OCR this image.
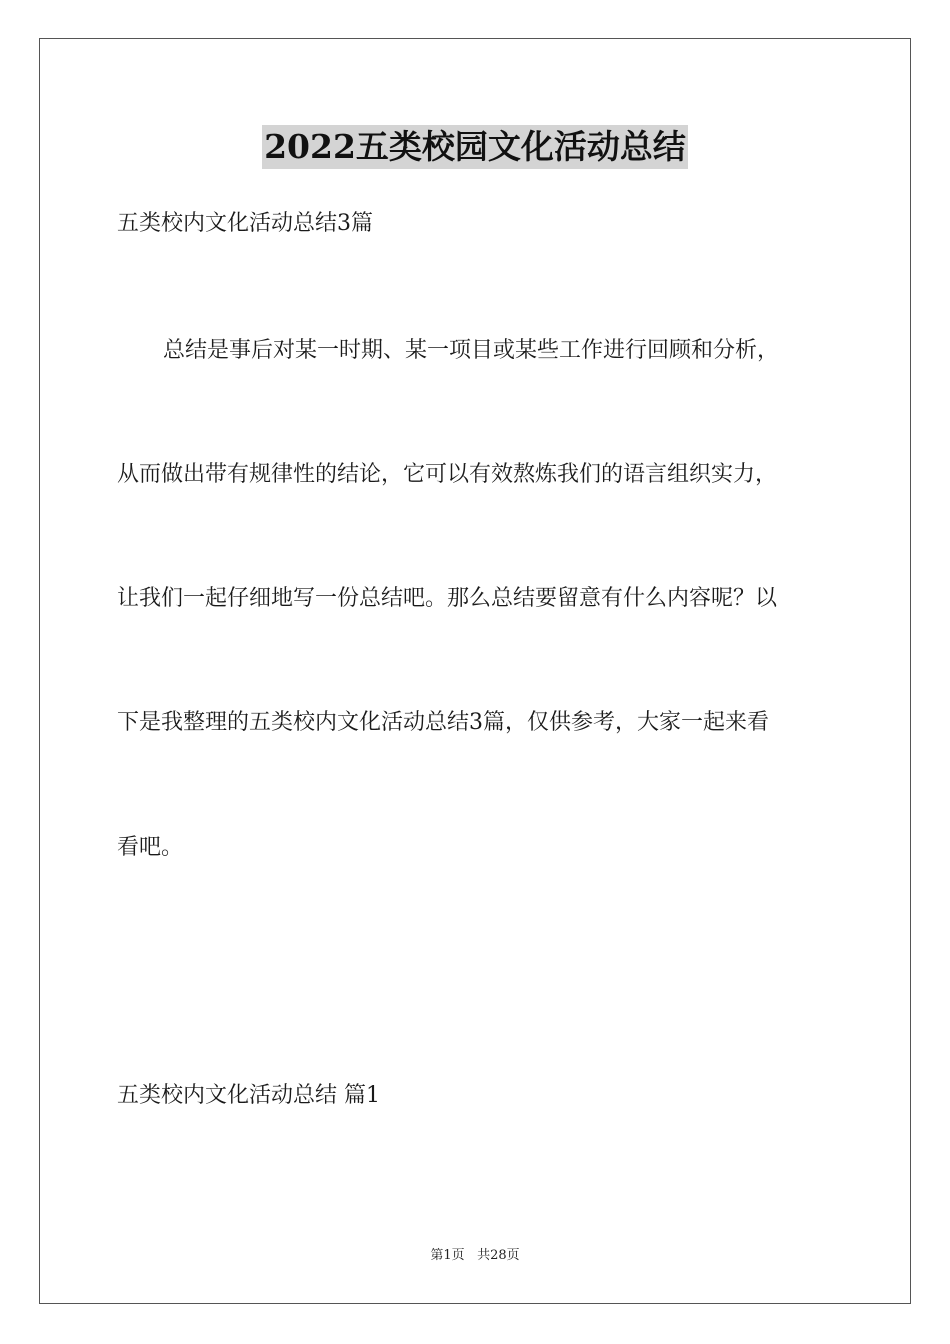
2022五类校园文化活动总结
五类校内文化活动总结3篇
总结是事后对某一时期、某一项目或某些工作进行回顾和分析，
从而做出带有规律性的结论，它可以有效熬炼我们的语言组织实力，
让我们一起仔细地写一份总结吧。那么总结要留意有什么内容呢？以
下是我整理的五类校内文化活动总结3篇，仅供参考，大家一起来看
看吧。
五类校内文化活动总结 篇1
第1页 共28页
